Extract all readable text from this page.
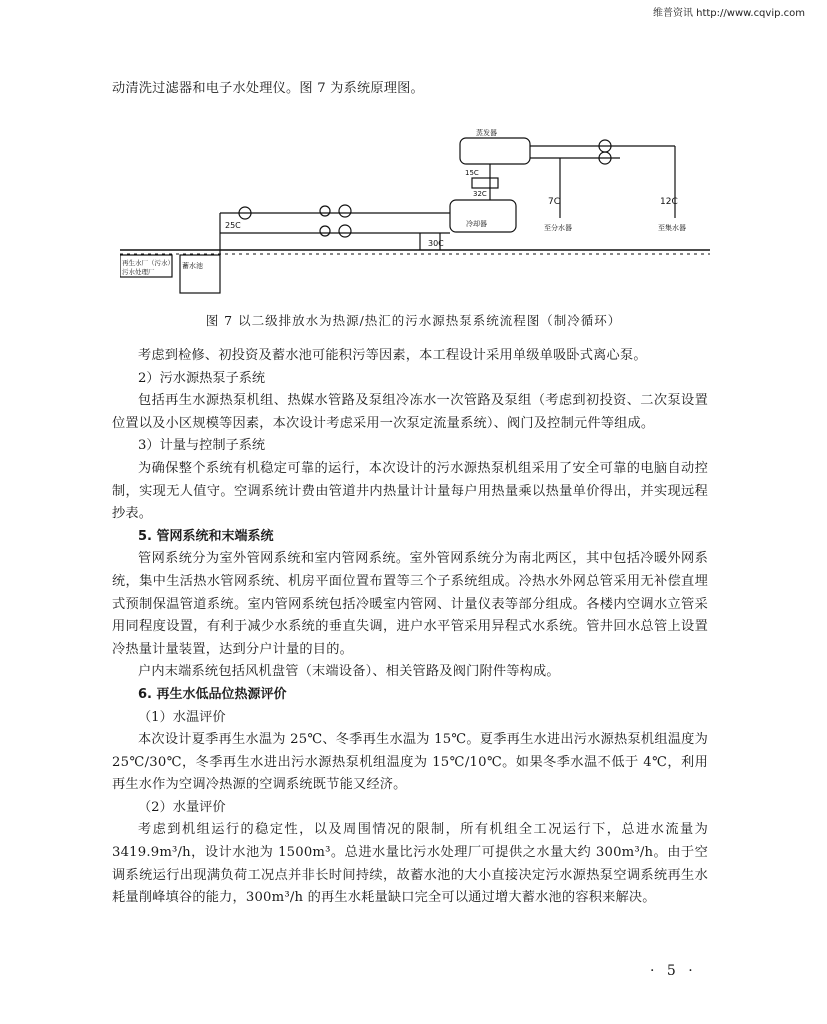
维普资讯 http://www.cqvip.com

动清洗过滤器和电子水处理仪。图 7 为系统原理图。

25C
30C
7C	12C
15C
32C
冷却器
蒸发器
至分水器	至集水器
蓄水池
再生水厂（污水）
污水处理厂
图 7 以二级排放水为热源/热汇的污水源热泵系统流程图（制冷循环）

考虑到检修、初投资及蓄水池可能积污等因素，本工程设计采用单级单吸卧式离心泵。

2）污水源热泵子系统

包括再生水源热泵机组、热媒水管路及泵组冷冻水一次管路及泵组（考虑到初投资、二次泵设置位置以及小区规模等因素，本次设计考虑采用一次泵定流量系统）、阀门及控制元件等组成。

3）计量与控制子系统

为确保整个系统有机稳定可靠的运行，本次设计的污水源热泵机组采用了安全可靠的电脑自动控制，实现无人值守。空调系统计费由管道井内热量计计量每户用热量乘以热量单价得出，并实现远程抄表。

5. 管网系统和末端系统

管网系统分为室外管网系统和室内管网系统。室外管网系统分为南北两区，其中包括冷暖外网系统，集中生活热水管网系统、机房平面位置布置等三个子系统组成。冷热水外网总管采用无补偿直埋式预制保温管道系统。室内管网系统包括冷暖室内管网、计量仪表等部分组成。各楼内空调水立管采用同程度设置，有利于减少水系统的垂直失调，进户水平管采用异程式水系统。管井回水总管上设置冷热量计量装置，达到分户计量的目的。

户内末端系统包括风机盘管（末端设备）、相关管路及阀门附件等构成。

6. 再生水低品位热源评价

（1）水温评价

本次设计夏季再生水温为 25℃、冬季再生水温为 15℃。夏季再生水进出污水源热泵机组温度为 25℃/30℃，冬季再生水进出污水源热泵机组温度为 15℃/10℃。如果冬季水温不低于 4℃，利用再生水作为空调冷热源的空调系统既节能又经济。

（2）水量评价

考虑到机组运行的稳定性，以及周围情况的限制，所有机组全工况运行下，总进水流量为 3419.9m³/h，设计水池为 1500m³。总进水量比污水处理厂可提供之水量大约 300m³/h。由于空调系统运行出现满负荷工况点并非长时间持续，故蓄水池的大小直接决定污水源热泵空调系统再生水耗量削峰填谷的能力，300m³/h 的再生水耗量缺口完全可以通过增大蓄水池的容积来解决。

· 5 ·
